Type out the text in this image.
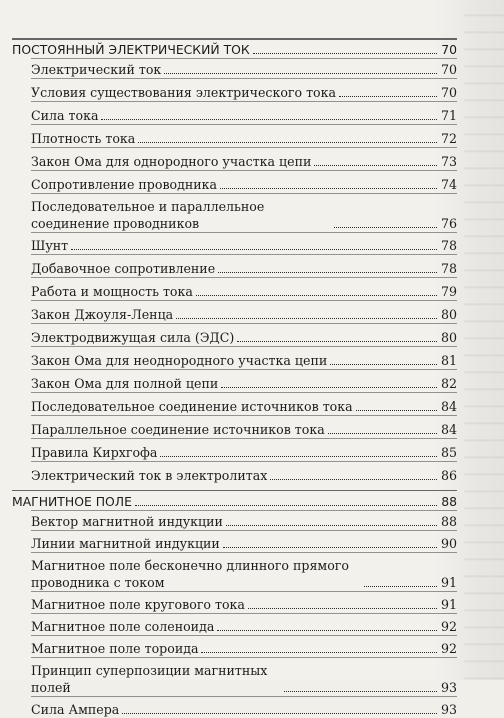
ПОСТОЯННЫЙ ЭЛЕКТРИЧЕСКИЙ ТОК	70
Электрический ток	70
Условия существования электрического тока	70
Сила тока	71
Плотность тока	72
Закон Ома для однородного участка цепи	73
Сопротивление проводника	74
Последовательное и параллельное соединение проводников	76
Шунт	78
Добавочное сопротивление	78
Работа и мощность тока	79
Закон Джоуля-Ленца	80
Электродвижущая сила (ЭДС)	80
Закон Ома для неоднородного участка цепи	81
Закон Ома для полной цепи	82
Последовательное соединение источников тока	84
Параллельное соединение источников тока	84
Правила Кирхгофа	85
Электрический ток в электролитах	86
МАГНИТНОЕ ПОЛЕ	88
Вектор магнитной индукции	88
Линии магнитной индукции	90
Магнитное поле бесконечно длинного прямого проводника с током	91
Магнитное поле кругового тока	91
Магнитное поле соленоида	92
Магнитное поле тороида	92
Принцип суперпозиции магнитных полей	93
Сила Ампера	93
